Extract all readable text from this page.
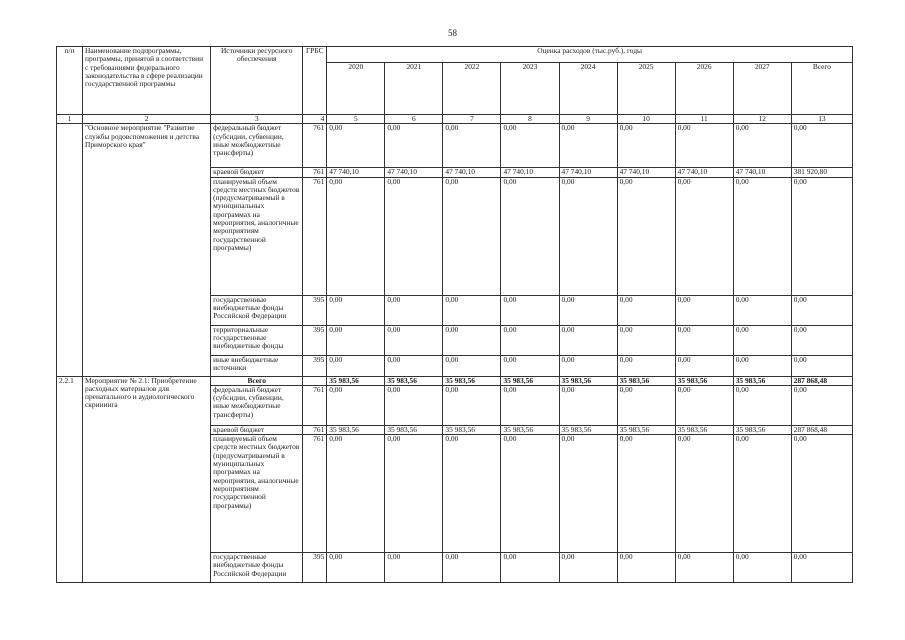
58
п/п	Наименование подпрограммы, программы, принятой в соответствии с требованиями федерального законодательства в сфере реализации государственной программы	Источники ресурсного обеспечения	ГРБС	Оценка расходов (тыс.руб.), годы								
				2020	2021	2022	2023	2024	2025	2026	2027	Всего
1	2	3	4	5	6	7	8	9	10	11	12	13
	"Основное мероприятие "Развитие службы родовспоможения и детства Приморского края"	федеральный бюджет (субсидии, субвенции, иные межбюджетные трансферты)	761	0,00	0,00	0,00	0,00	0,00	0,00	0,00	0,00	0,00
		краевой бюджет	761	47 740,10	47 740,10	47 740,10	47 740,10	47 740,10	47 740,10	47 740,10	47 740,10	381 920,80
		планируемый объем средств местных бюджетов (предусматриваемый в муниципальных программах на мероприятия, аналогичные мероприятиям государственной программы)	761	0,00	0,00	0,00	0,00	0,00	0,00	0,00	0,00	0,00
		государственные внебюджетные фонды Российской Федерации	395	0,00	0,00	0,00	0,00	0,00	0,00	0,00	0,00	0,00
		территориальные государственные внебюджетные фонды	395	0,00	0,00	0,00	0,00	0,00	0,00	0,00	0,00	0,00
		иные внебюджетные источники	395	0,00	0,00	0,00	0,00	0,00	0,00	0,00	0,00	0,00
2.2.1	Мероприятие № 2.1: Приобретение расходных материалов для пренатального и аудиологического скрининга	Всего		35 983,56	35 983,56	35 983,56	35 983,56	35 983,56	35 983,56	35 983,56	35 983,56	287 868,48
		федеральный бюджет (субсидии, субвенции, иные межбюджетные трансферты)	761	0,00	0,00	0,00	0,00	0,00	0,00	0,00	0,00	0,00
		краевой бюджет	761	35 983,56	35 983,56	35 983,56	35 983,56	35 983,56	35 983,56	35 983,56	35 983,56	287 868,48
		планируемый объем средств местных бюджетов (предусматриваемый в муниципальных программах на мероприятия, аналогичные мероприятиям государственной программы)	761	0,00	0,00	0,00	0,00	0,00	0,00	0,00	0,00	0,00
		государственные внебюджетные фонды Российской Федерации	395	0,00	0,00	0,00	0,00	0,00	0,00	0,00	0,00	0,00
